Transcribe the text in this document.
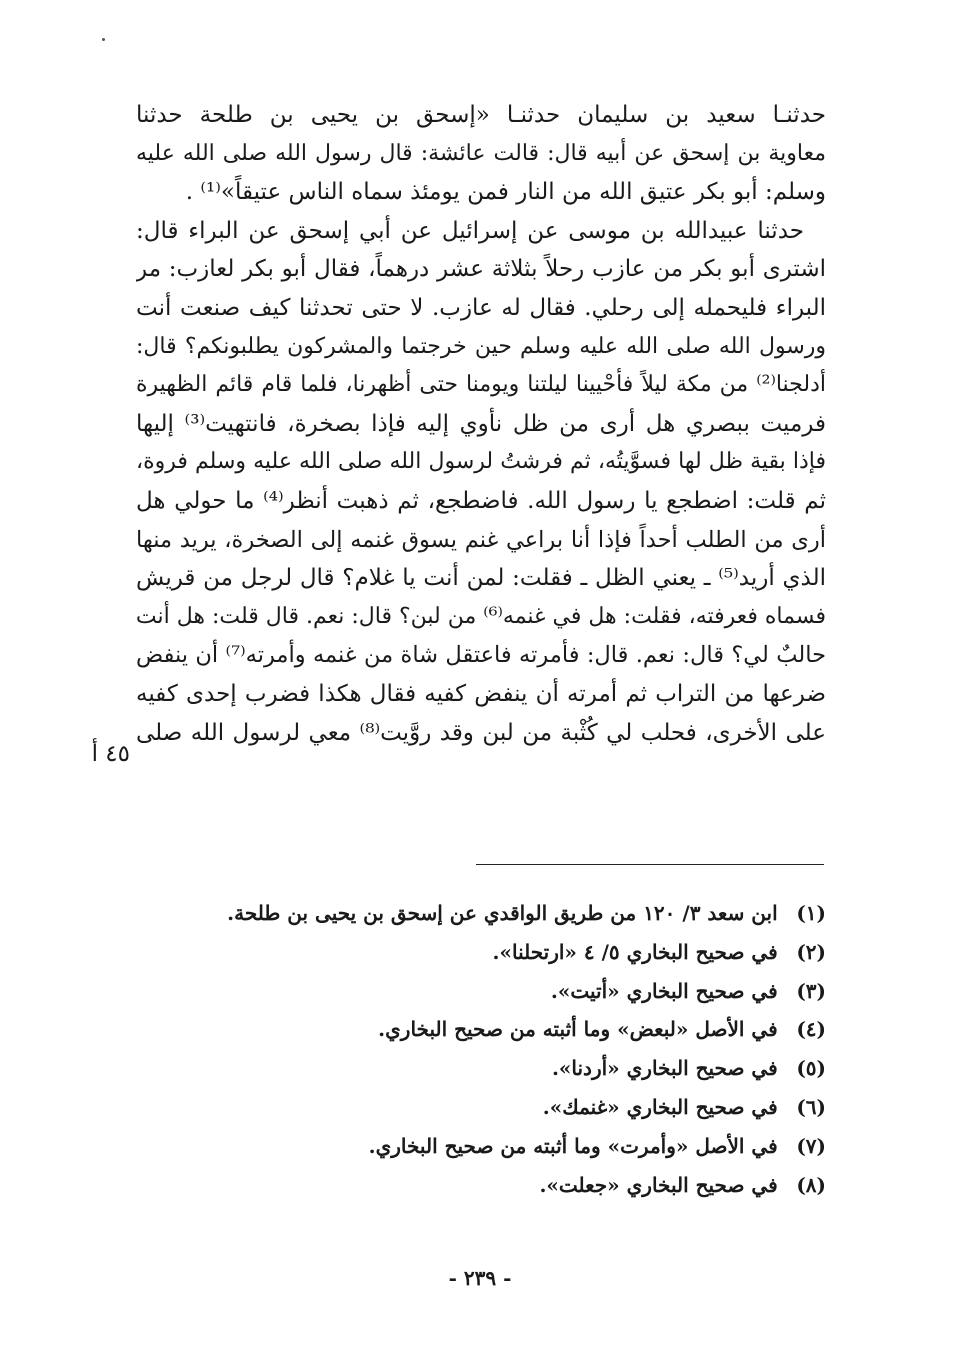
حدثنـا سعيد بن سليمان حدثنـا «إسحق بن يحيى بن طلحة حدثنا
معاوية بن إسحق عن أبيه قال: قالت عائشة: قال رسول الله صلى الله عليه
وسلم: أبو بكر عتيق الله من النار فمن يومئذ سماه الناس عتيقاً»⁽¹⁾ .
حدثنا عبيدالله بن موسى عن إسرائيل عن أبي إسحق عن البراء قال:
اشترى أبو بكر من عازب رحلاً بثلاثة عشر درهماً، فقال أبو بكر لعازب: مر
البراء فليحمله إلى رحلي. فقال له عازب. لا حتى تحدثنا كيف صنعت أنت
ورسول الله صلى الله عليه وسلم حين خرجتما والمشركون يطلبونكم؟ قال:
أدلجنا⁽²⁾ من مكة ليلاً فأحْيينا ليلتنا ويومنا حتى أظهرنا، فلما قام قائم الظهيرة
فرميت ببصري هل أرى من ظل نأوي إليه فإذا بصخرة، فانتهيت⁽³⁾ إليها
فإذا بقية ظل لها فسوَّيتُه، ثم فرشتُ لرسول الله صلى الله عليه وسلم فروة،
ثم قلت: اضطجع يا رسول الله. فاضطجع، ثم ذهبت أنظر⁽⁴⁾ ما حولي هل
أرى من الطلب أحداً فإذا أنا براعي غنم يسوق غنمه إلى الصخرة، يريد منها
الذي أريد⁽⁵⁾ ـ يعني الظل ـ فقلت: لمن أنت يا غلام؟ قال لرجل من قريش
فسماه فعرفته، فقلت: هل في غنمه⁽⁶⁾ من لبن؟ قال: نعم. قال قلت: هل أنت
حالبٌ لي؟ قال: نعم. قال: فأمرته فاعتقل شاة من غنمه وأمرته⁽⁷⁾ أن ينفض
ضرعها من التراب ثم أمرته أن ينفض كفيه فقال هكذا فضرب إحدى كفيه
على الأخرى، فحلب لي كُثْبة من لبن وقد روَّيت⁽⁸⁾ معي لرسول الله صلى
٤٥ أ
(١) ابن سعد ٣/ ١٢٠ من طريق الواقدي عن إسحق بن يحيى بن طلحة.
(٢) في صحيح البخاري ٥/ ٤ «ارتحلنا».
(٣) في صحيح البخاري «أتيت».
(٤) في الأصل «لبعض» وما أثبته من صحيح البخاري.
(٥) في صحيح البخاري «أردنا».
(٦) في صحيح البخاري «غنمك».
(٧) في الأصل «وأمرت» وما أثبته من صحيح البخاري.
(٨) في صحيح البخاري «جعلت».
- ٢٣٩ -
